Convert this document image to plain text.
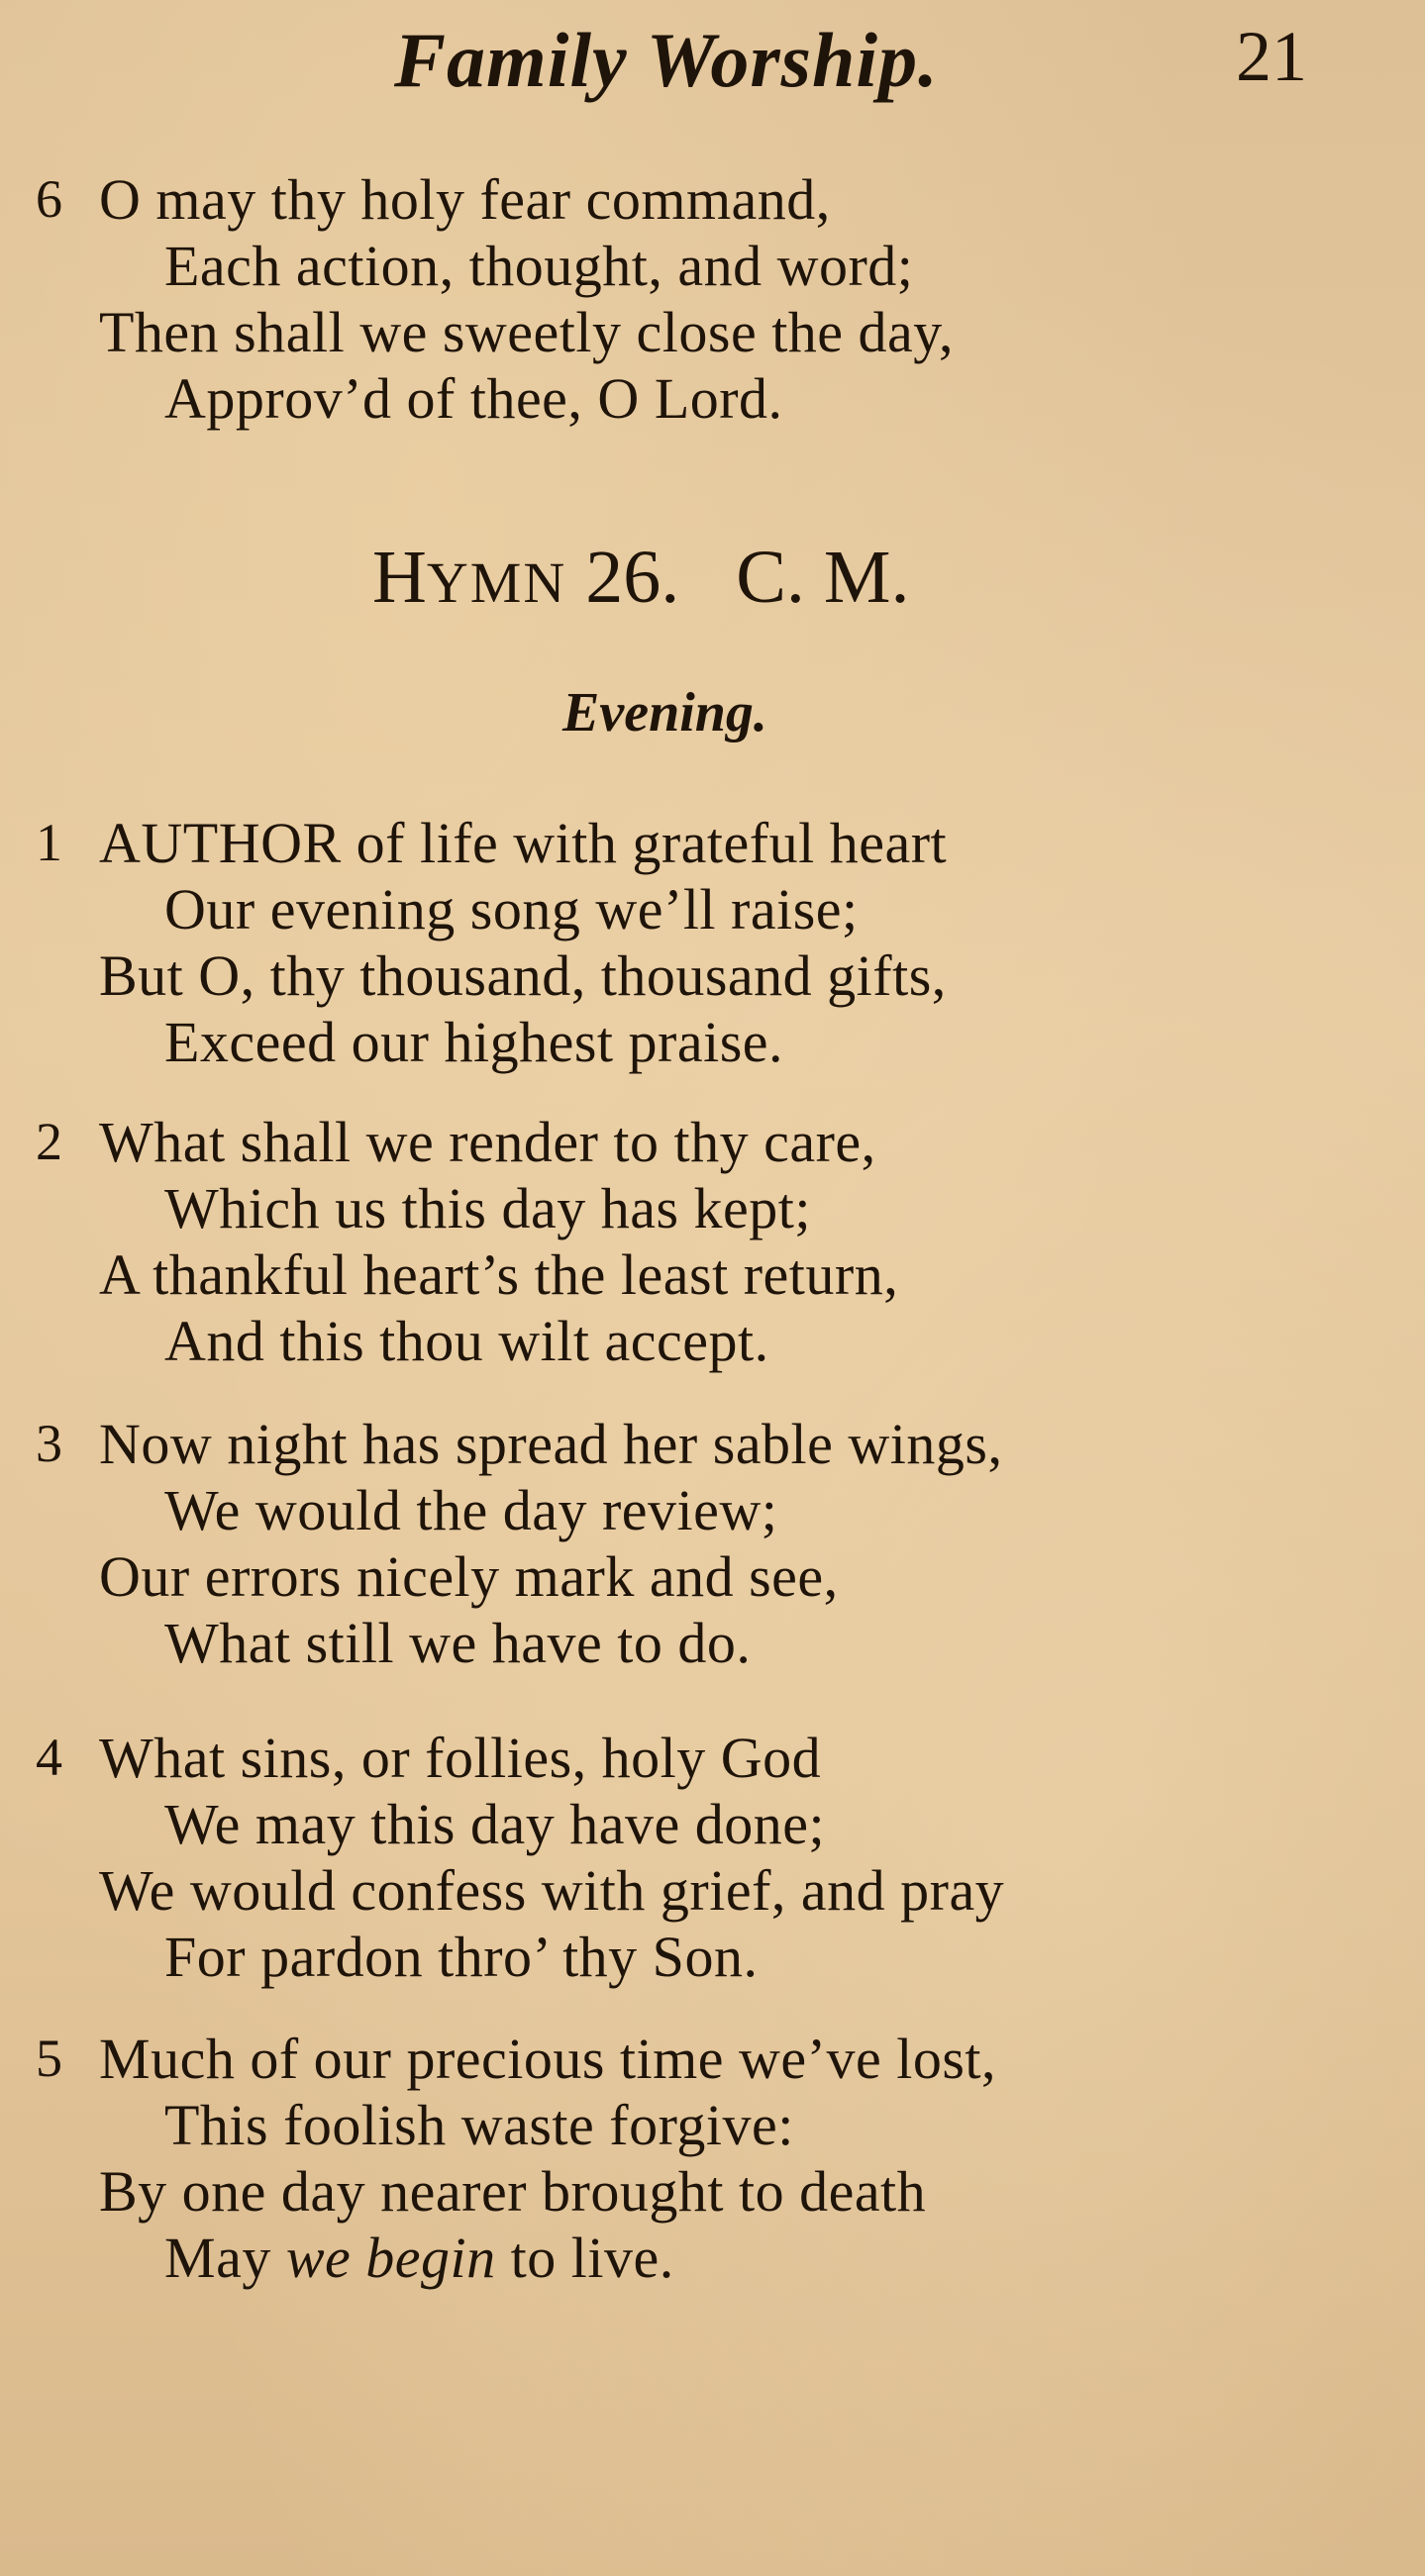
Family Worship.	21
6 O may thy holy fear command,
Each action, thought, and word;
Then shall we sweetly close the day,
Approv’d of thee, O Lord.
HYMN 26. C. M.
Evening.
1 AUTHOR of life with grateful heart
Our evening song we’ll raise;
But O, thy thousand, thousand gifts,
Exceed our highest praise.
2 What shall we render to thy care,
Which us this day has kept;
A thankful heart’s the least return,
And this thou wilt accept.
3 Now night has spread her sable wings,
We would the day review;
Our errors nicely mark and see,
What still we have to do.
4 What sins, or follies, holy God
We may this day have done;
We would confess with grief, and pray
For pardon thro’ thy Son.
5 Much of our precious time we’ve lost,
This foolish waste forgive:
By one day nearer brought to death
May we begin to live.
